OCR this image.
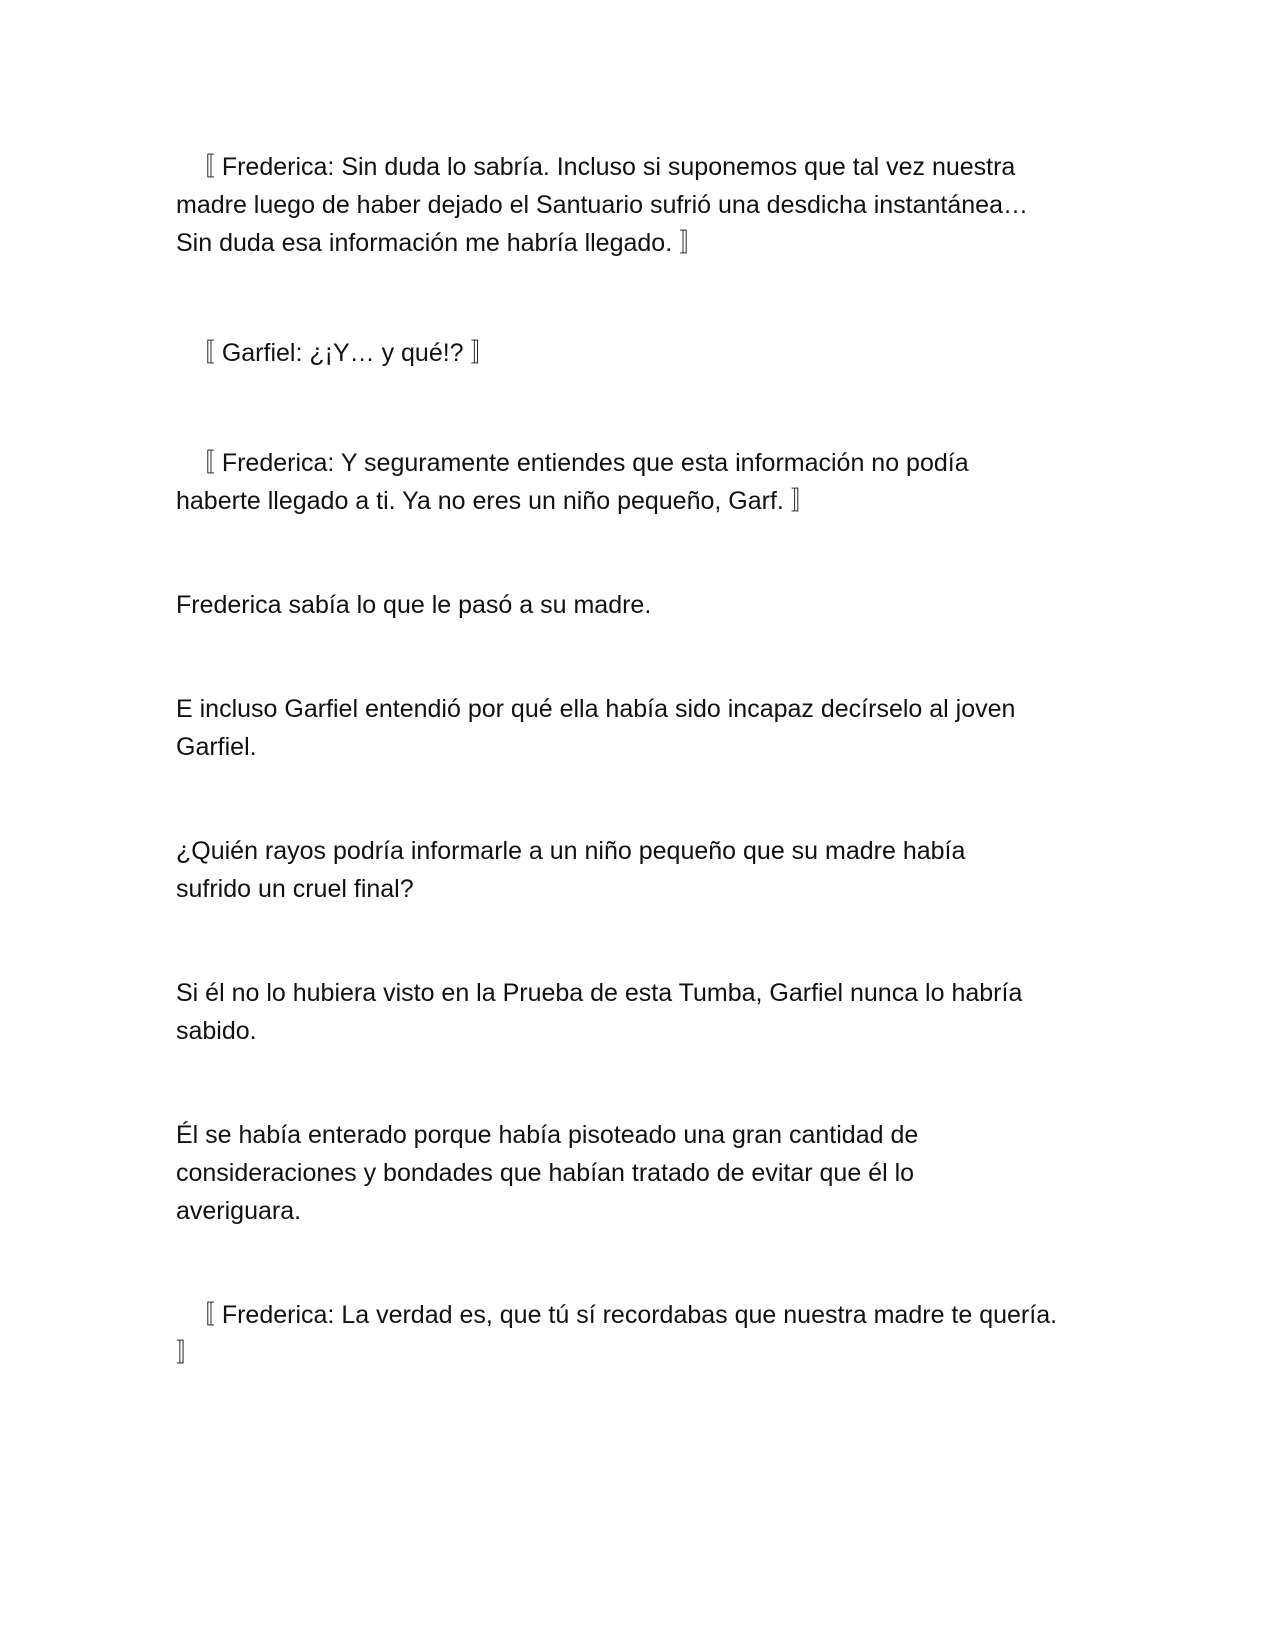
〚 Frederica: Sin duda lo sabría. Incluso si suponemos que tal vez nuestra
madre luego de haber dejado el Santuario sufrió una desdicha instantánea…
Sin duda esa información me habría llegado. 〛

〚 Garfiel: ¿¡Y… y qué!? 〛

〚 Frederica: Y seguramente entiendes que esta información no podía
haberte llegado a ti. Ya no eres un niño pequeño, Garf. 〛

Frederica sabía lo que le pasó a su madre.

E incluso Garfiel entendió por qué ella había sido incapaz decírselo al joven
Garfiel.

¿Quién rayos podría informarle a un niño pequeño que su madre había
sufrido un cruel final?

Si él no lo hubiera visto en la Prueba de esta Tumba, Garfiel nunca lo habría
sabido.

Él se había enterado porque había pisoteado una gran cantidad de
consideraciones y bondades que habían tratado de evitar que él lo
averiguara.

〚 Frederica: La verdad es, que tú sí recordabas que nuestra madre te quería.
〛
